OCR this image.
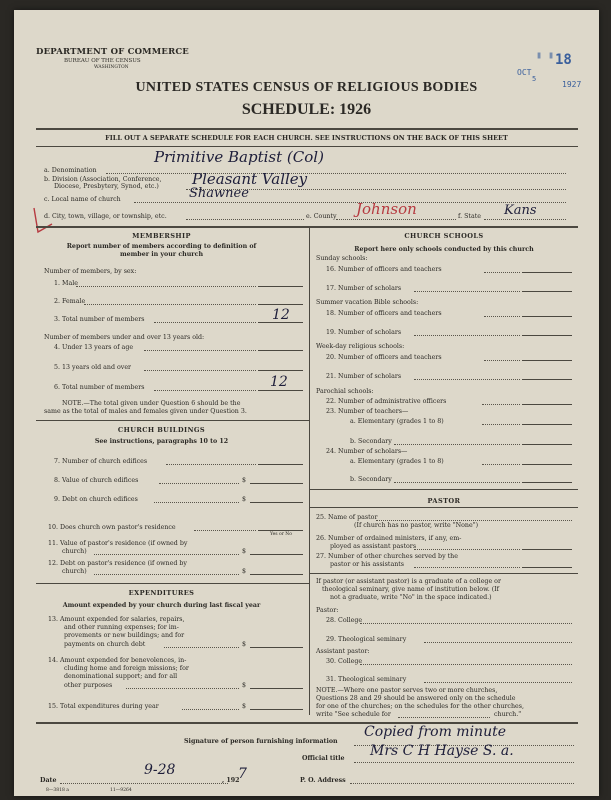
DEPARTMENT OF COMMERCE
BUREAU OF THE CENSUS
WASHINGTON
▮ ▮ 18
OCT
5
1927
UNITED STATES CENSUS OF RELIGIOUS BODIES
SCHEDULE: 1926
FILL OUT A SEPARATE SCHEDULE FOR EACH CHURCH. SEE INSTRUCTIONS ON THE BACK OF THIS SHEET
a. Denomination
Primitive Baptist (Col)
b. Division (Association, Conference,
Diocese, Presbytery, Synod, etc.) Pleasant Valley
c. Local name of church	Shawnee
d. City, town, village, or township, etc.	e. County Johnson	f. State Kans
MEMBERSHIP
Report number of members according to definition of
member in your church
Number of members, by sex:
1. Male
2. Female
3. Total number of members	12
Number of members under and over 13 years old:
4. Under 13 years of age
5. 13 years old and over
6. Total number of members	12
NOTE.—The total given under Question 6 should be the
same as the total of males and females given under Question 3.
CHURCH BUILDINGS
See instructions, paragraphs 10 to 12
7. Number of church edifices
8. Value of church edifices	$
9. Debt on church edifices	$
10. Does church own pastor's residence
Yes or No
11. Value of pastor's residence (if owned by
church)	$
12. Debt on pastor's residence (if owned by
church)	$
EXPENDITURES
Amount expended by your church during last fiscal year
13. Amount expended for salaries, repairs,
and other running expenses; for im-
provements or new buildings; and for
payments on church debt	$
14. Amount expended for benevolences, in-
cluding home and foreign missions; for
denominational support; and for all
other purposes	$
15. Total expenditures during year	$
CHURCH SCHOOLS
Report here only schools conducted by this church
Sunday schools:
16. Number of officers and teachers
17. Number of scholars
Summer vacation Bible schools:
18. Number of officers and teachers
19. Number of scholars
Week-day religious schools:
20. Number of officers and teachers
21. Number of scholars
Parochial schools:
22. Number of administrative officers
23. Number of teachers—
a. Elementary (grades 1 to 8)
b. Secondary
24. Number of scholars—
a. Elementary (grades 1 to 8)
b. Secondary
PASTOR
25. Name of pastor
(If church has no pastor, write "None")
26. Number of ordained ministers, if any, em-
ployed as assistant pastors
27. Number of other churches served by the
pastor or his assistants
If pastor (or assistant pastor) is a graduate of a college or
theological seminary, give name of institution below. (If
not a graduate, write "No" in the space indicated.)
Pastor:
28. College
29. Theological seminary
Assistant pastor:
30. College
31. Theological seminary
NOTE.—Where one pastor serves two or more churches,
Questions 28 and 29 should be answered only on the schedule
for one of the churches; on the schedules for the other churches,
write "See schedule for	church."
Signature of person furnishing information
Copied from minute
Official title Mrs C H Hayse S. a.
Date
9-28
, 192
7	P. O. Address
8—3818 a	11—9264
